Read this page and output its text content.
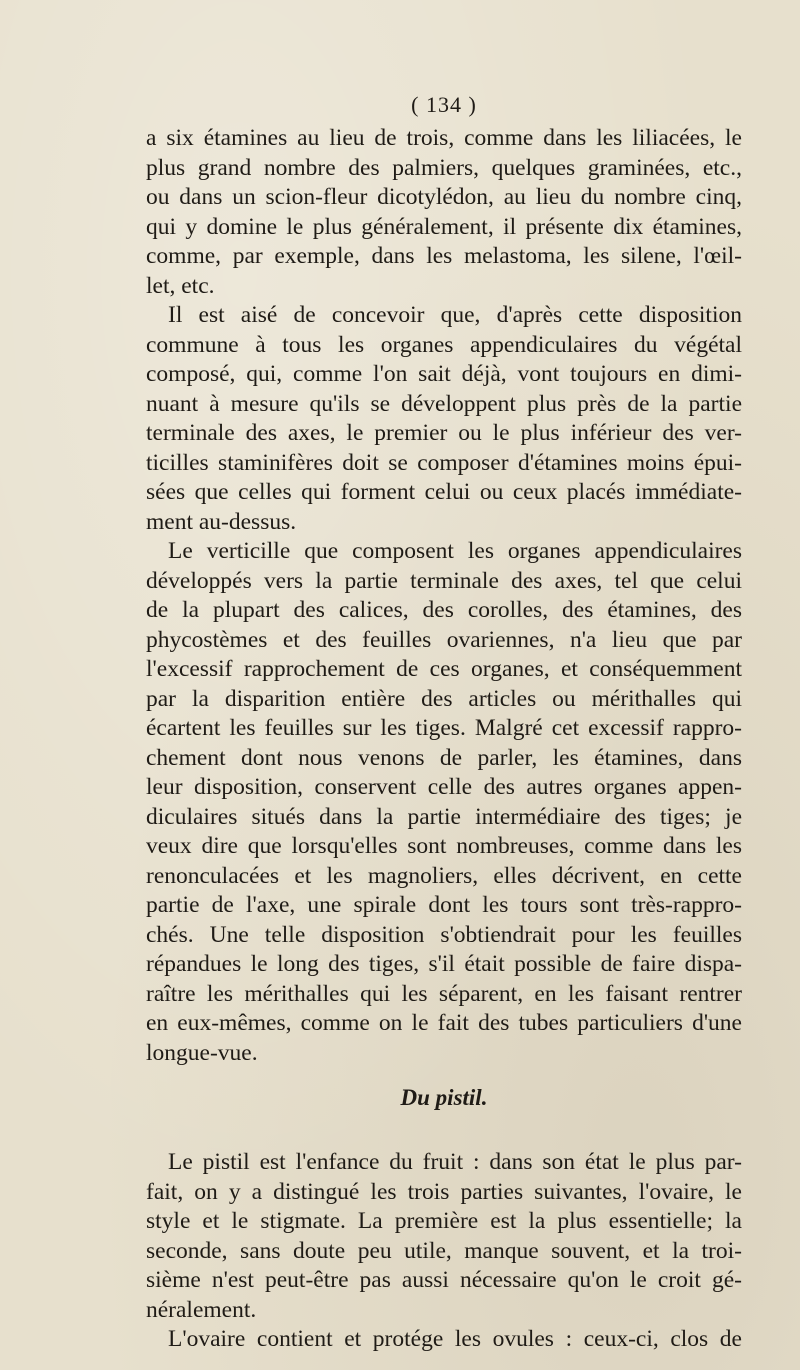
( 134 )

a six étamines au lieu de trois, comme dans les liliacées, le
plus grand nombre des palmiers, quelques graminées, etc.,
ou dans un scion-fleur dicotylédon, au lieu du nombre cinq,
qui y domine le plus généralement, il présente dix étamines,
comme, par exemple, dans les melastoma, les silene, l'œil-
let, etc.

Il est aisé de concevoir que, d'après cette disposition
commune à tous les organes appendiculaires du végétal
composé, qui, comme l'on sait déjà, vont toujours en dimi-
nuant à mesure qu'ils se développent plus près de la partie
terminale des axes, le premier ou le plus inférieur des ver-
ticilles staminifères doit se composer d'étamines moins épui-
sées que celles qui forment celui ou ceux placés immédiate-
ment au-dessus.

Le verticille que composent les organes appendiculaires
développés vers la partie terminale des axes, tel que celui
de la plupart des calices, des corolles, des étamines, des
phycostèmes et des feuilles ovariennes, n'a lieu que par
l'excessif rapprochement de ces organes, et conséquemment
par la disparition entière des articles ou mérithalles qui
écartent les feuilles sur les tiges. Malgré cet excessif rappro-
chement dont nous venons de parler, les étamines, dans
leur disposition, conservent celle des autres organes appen-
diculaires situés dans la partie intermédiaire des tiges; je
veux dire que lorsqu'elles sont nombreuses, comme dans les
renonculacées et les magnoliers, elles décrivent, en cette
partie de l'axe, une spirale dont les tours sont très-rappro-
chés. Une telle disposition s'obtiendrait pour les feuilles
répandues le long des tiges, s'il était possible de faire dispa-
raître les mérithalles qui les séparent, en les faisant rentrer
en eux-mêmes, comme on le fait des tubes particuliers d'une
longue-vue.

Du pistil.

Le pistil est l'enfance du fruit : dans son état le plus par-
fait, on y a distingué les trois parties suivantes, l'ovaire, le
style et le stigmate. La première est la plus essentielle; la
seconde, sans doute peu utile, manque souvent, et la troi-
sième n'est peut-être pas aussi nécessaire qu'on le croit gé-
néralement.

L'ovaire contient et protége les ovules : ceux-ci, clos de
